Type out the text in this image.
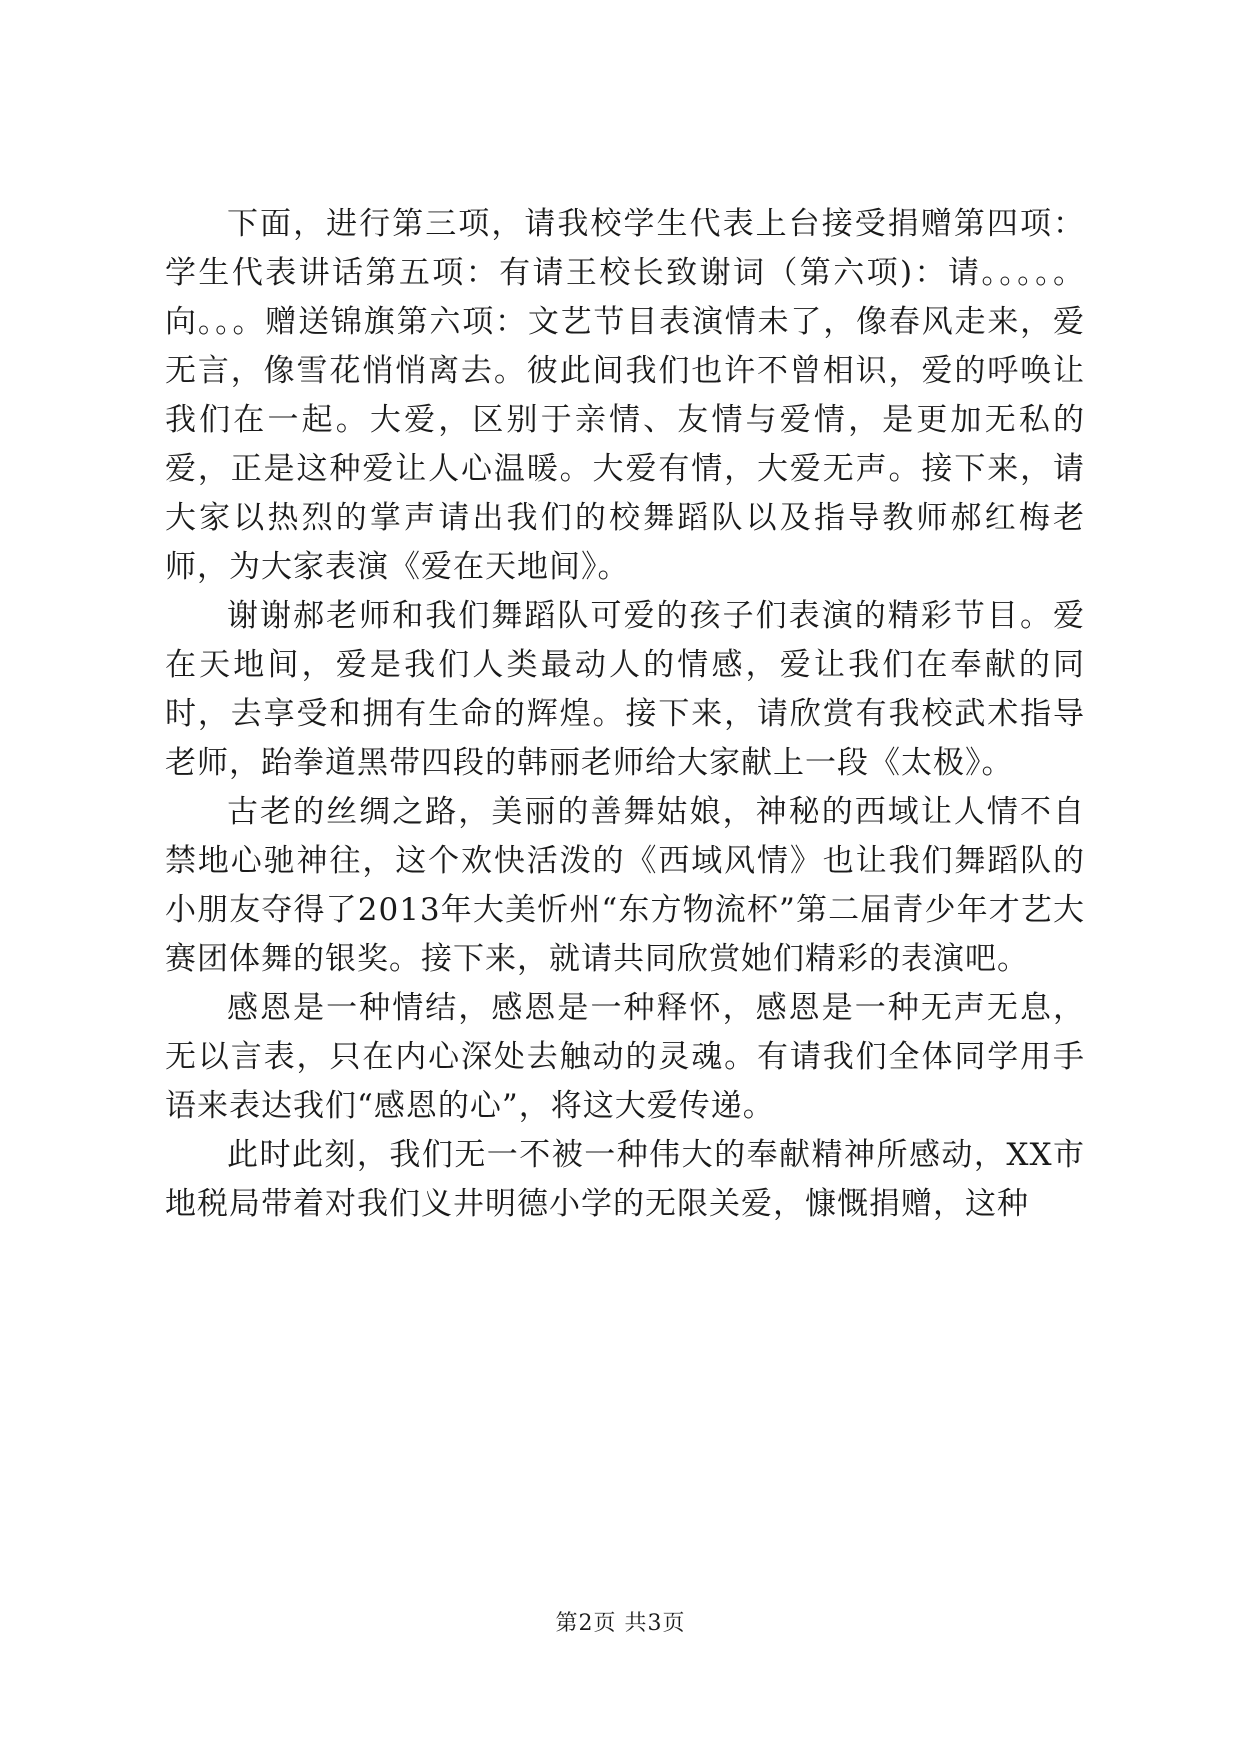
下面，进行第三项，请我校学生代表上台接受捐赠第四项：学生代表讲话第五项：有请王校长致谢词（第六项)：请。。。。。向。。。赠送锦旗第六项：文艺节目表演情未了，像春风走来，爱无言，像雪花悄悄离去。彼此间我们也许不曾相识，爱的呼唤让我们在一起。大爱，区别于亲情、友情与爱情，是更加无私的爱，正是这种爱让人心温暖。大爱有情，大爱无声。接下来，请大家以热烈的掌声请出我们的校舞蹈队以及指导教师郝红梅老师，为大家表演《爱在天地间》。

谢谢郝老师和我们舞蹈队可爱的孩子们表演的精彩节目。爱在天地间，爱是我们人类最动人的情感，爱让我们在奉献的同时，去享受和拥有生命的辉煌。接下来，请欣赏有我校武术指导老师，跆拳道黑带四段的韩丽老师给大家献上一段《太极》。

古老的丝绸之路，美丽的善舞姑娘，神秘的西域让人情不自禁地心驰神往，这个欢快活泼的《西域风情》也让我们舞蹈队的小朋友夺得了2013年大美忻州“东方物流杯”第二届青少年才艺大赛团体舞的银奖。接下来，就请共同欣赏她们精彩的表演吧。

感恩是一种情结，感恩是一种释怀，感恩是一种无声无息，无以言表，只在内心深处去触动的灵魂。有请我们全体同学用手语来表达我们“感恩的心”，将这大爱传递。

此时此刻，我们无一不被一种伟大的奉献精神所感动，XX市地税局带着对我们义井明德小学的无限关爱，慷慨捐赠，这种

第2页 共3页
